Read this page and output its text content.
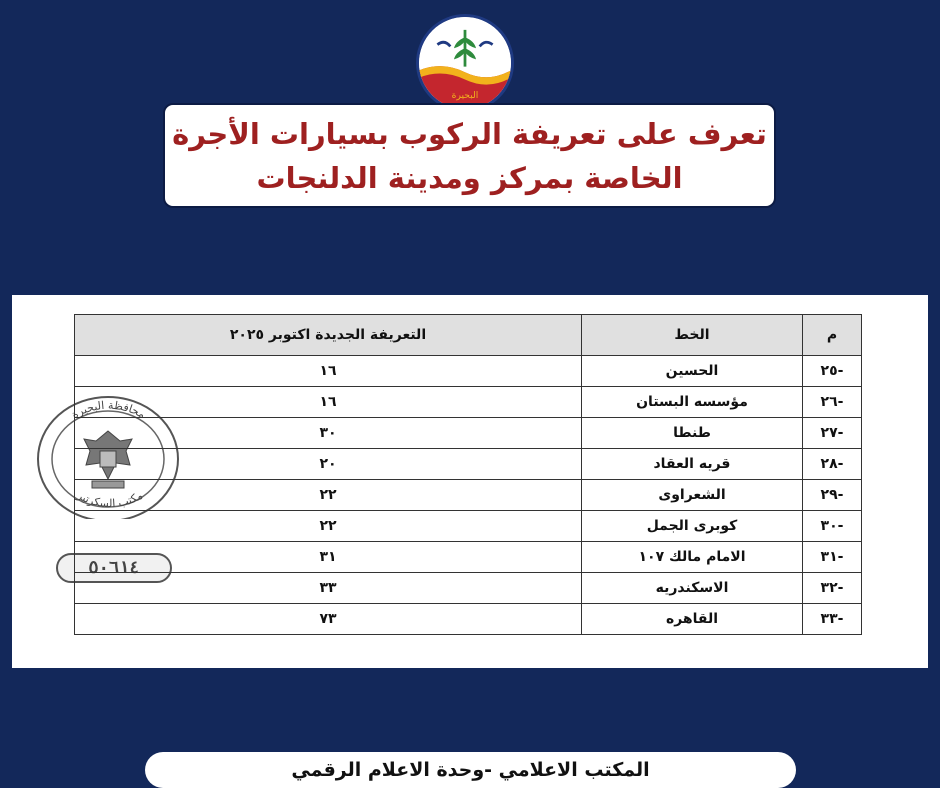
البحيرة
تعرف على تعريفة الركوب بسيارات الأجرة
الخاصة بمركز ومدينة الدلنجات
محافظة البحيرة
مكتب السكرتير
٥٠٦١٤
م	الخط	التعريفة الجديدة اكتوبر ٢٠٢٥
-٢٥	الحسين	١٦
-٢٦	مؤسسه البستان	١٦
-٢٧	طنطا	٣٠
-٢٨	قريه العقاد	٢٠
-٢٩	الشعراوى	٢٢
-٣٠	كوبرى الجمل	٢٢
-٣١	الامام مالك ١٠٧	٣١
-٣٢	الاسكندريه	٣٣
-٣٣	القاهره	٧٣
المكتب الاعلامي -وحدة الاعلام الرقمي
